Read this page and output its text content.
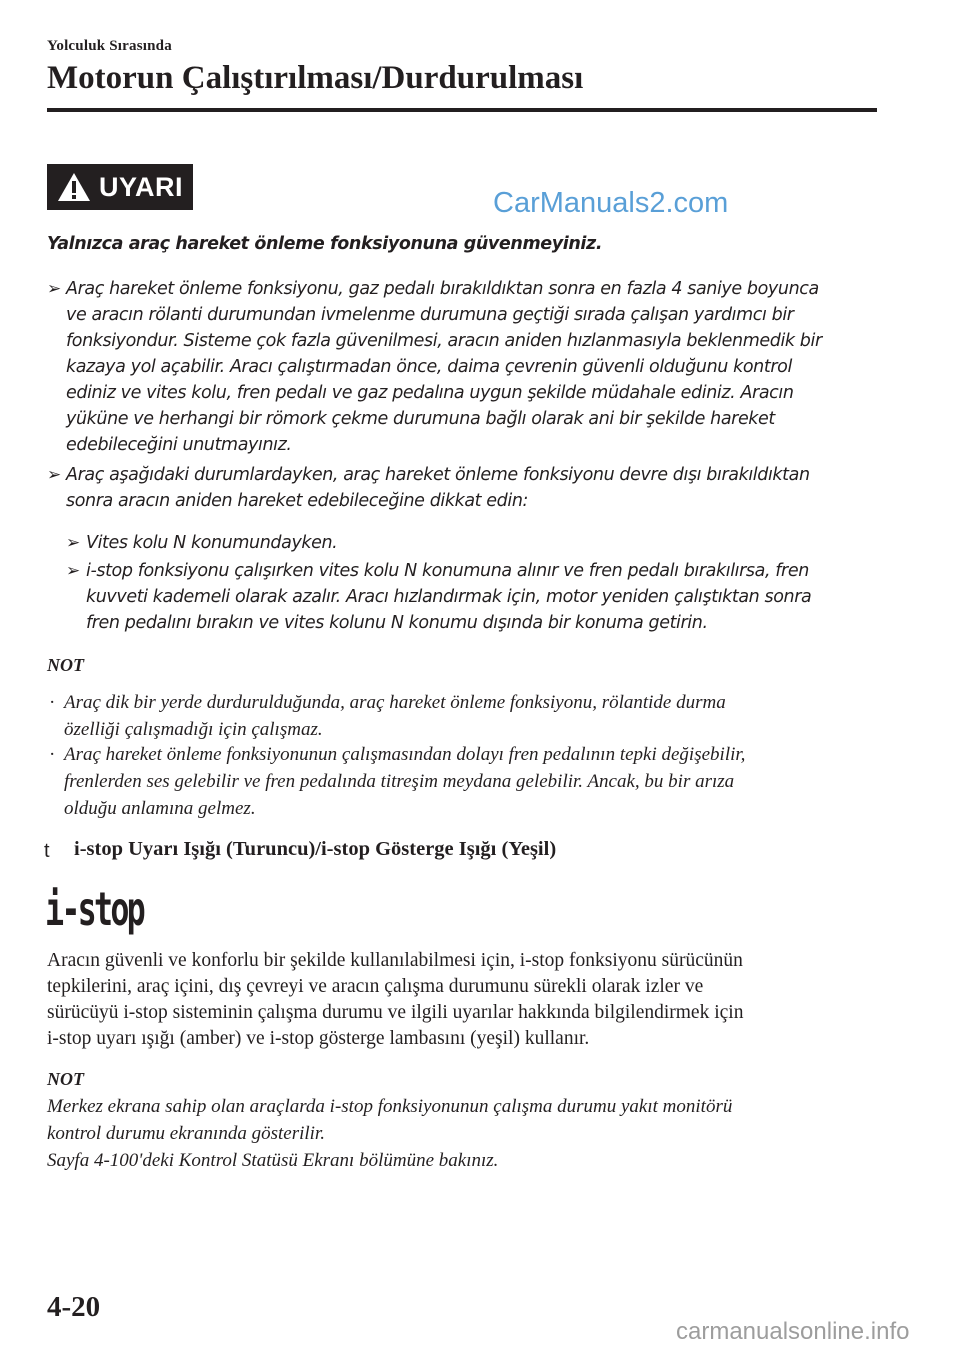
Yolculuk Sırasında
Motorun Çalıştırılması/Durdurulması
UYARI
CarManuals2.com
Yalnızca araç hareket önleme fonksiyonuna güvenmeyiniz.
➢ Araç hareket önleme fonksiyonu, gaz pedalı bırakıldıktan sonra en fazla 4 saniye boyunca
ve aracın rölanti durumundan ivmelenme durumuna geçtiği sırada çalışan yardımcı bir
fonksiyondur. Sisteme çok fazla güvenilmesi, aracın aniden hızlanmasıyla beklenmedik bir
kazaya yol açabilir. Aracı çalıştırmadan önce, daima çevrenin güvenli olduğunu kontrol
ediniz ve vites kolu, fren pedalı ve gaz pedalına uygun şekilde müdahale ediniz. Aracın
yüküne ve herhangi bir römork çekme durumuna bağlı olarak ani bir şekilde hareket
edebileceğini unutmayınız.
➢ Araç aşağıdaki durumlardayken, araç hareket önleme fonksiyonu devre dışı bırakıldıktan
sonra aracın aniden hareket edebileceğine dikkat edin:
➢ Vites kolu N konumundayken.
➢ i-stop fonksiyonu çalışırken vites kolu N konumuna alınır ve fren pedalı bırakılırsa, fren
kuvveti kademeli olarak azalır. Aracı hızlandırmak için, motor yeniden çalıştıktan sonra
fren pedalını bırakın ve vites kolunu N konumu dışında bir konuma getirin.
NOT
· Araç dik bir yerde durdurulduğunda, araç hareket önleme fonksiyonu, rölantide durma
özelliği çalışmadığı için çalışmaz.
· Araç hareket önleme fonksiyonunun çalışmasından dolayı fren pedalının tepki değişebilir,
frenlerden ses gelebilir ve fren pedalında titreşim meydana gelebilir. Ancak, bu bir arıza
olduğu anlamına gelmez.
t i-stop Uyarı Işığı (Turuncu)/i-stop Gösterge Işığı (Yeşil)
i-stop
Aracın güvenli ve konforlu bir şekilde kullanılabilmesi için, i-stop fonksiyonu sürücünün
tepkilerini, araç içini, dış çevreyi ve aracın çalışma durumunu sürekli olarak izler ve
sürücüyü i-stop sisteminin çalışma durumu ve ilgili uyarılar hakkında bilgilendirmek için
i-stop uyarı ışığı (amber) ve i-stop gösterge lambasını (yeşil) kullanır.
NOT
Merkez ekrana sahip olan araçlarda i-stop fonksiyonunun çalışma durumu yakıt monitörü
kontrol durumu ekranında gösterilir.
Sayfa 4-100'deki Kontrol Statüsü Ekranı bölümüne bakınız.
4-20
carmanualsonline.info
